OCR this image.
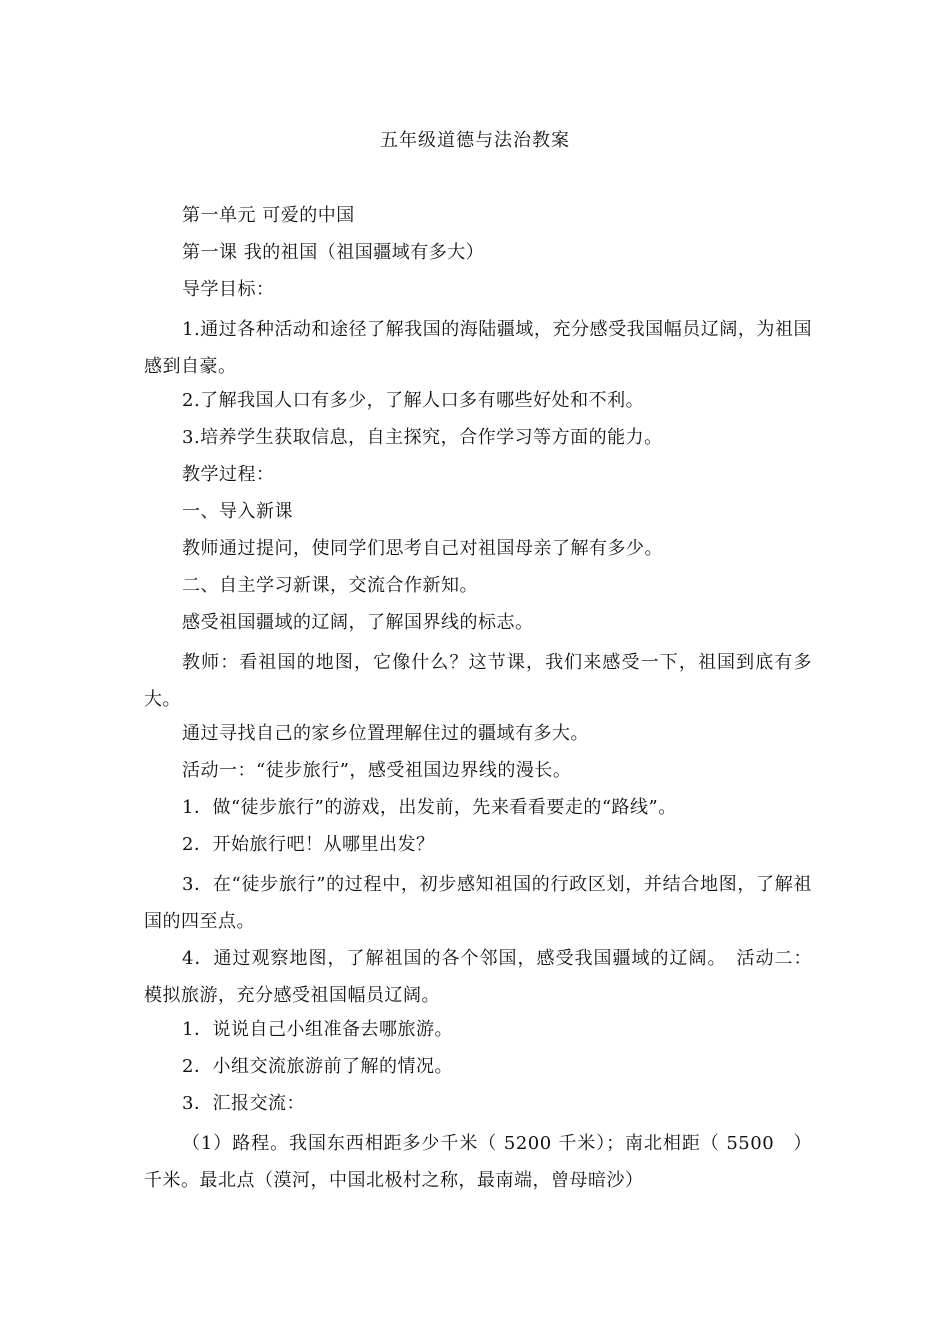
五年级道德与法治教案

第一单元 可爱的中国

第一课 我的祖国（祖国疆域有多大）

导学目标：

1.通过各种活动和途径了解我国的海陆疆域，充分感受我国幅员辽阔，为祖国感到自豪。

2.了解我国人口有多少，了解人口多有哪些好处和不利。

3.培养学生获取信息，自主探究，合作学习等方面的能力。

教学过程：

一、导入新课

教师通过提问，使同学们思考自己对祖国母亲了解有多少。

二、自主学习新课，交流合作新知。

感受祖国疆域的辽阔，了解国界线的标志。

教师：看祖国的地图，它像什么？这节课，我们来感受一下，祖国到底有多大。

通过寻找自己的家乡位置理解住过的疆域有多大。

活动一：“徒步旅行”，感受祖国边界线的漫长。

1．做“徒步旅行”的游戏，出发前，先来看看要走的“路线”。

2．开始旅行吧！从哪里出发？

3．在“徒步旅行”的过程中，初步感知祖国的行政区划，并结合地图，了解祖国的四至点。

4．通过观察地图，了解祖国的各个邻国，感受我国疆域的辽阔。　活动二：模拟旅游，充分感受祖国幅员辽阔。

1．说说自己小组准备去哪旅游。

2．小组交流旅游前了解的情况。

3．汇报交流：

（1）路程。我国东西相距多少千米（ 5200 千米）；南北相距（ 5500　）千米。最北点（漠河，中国北极村之称，最南端，曾母暗沙）
